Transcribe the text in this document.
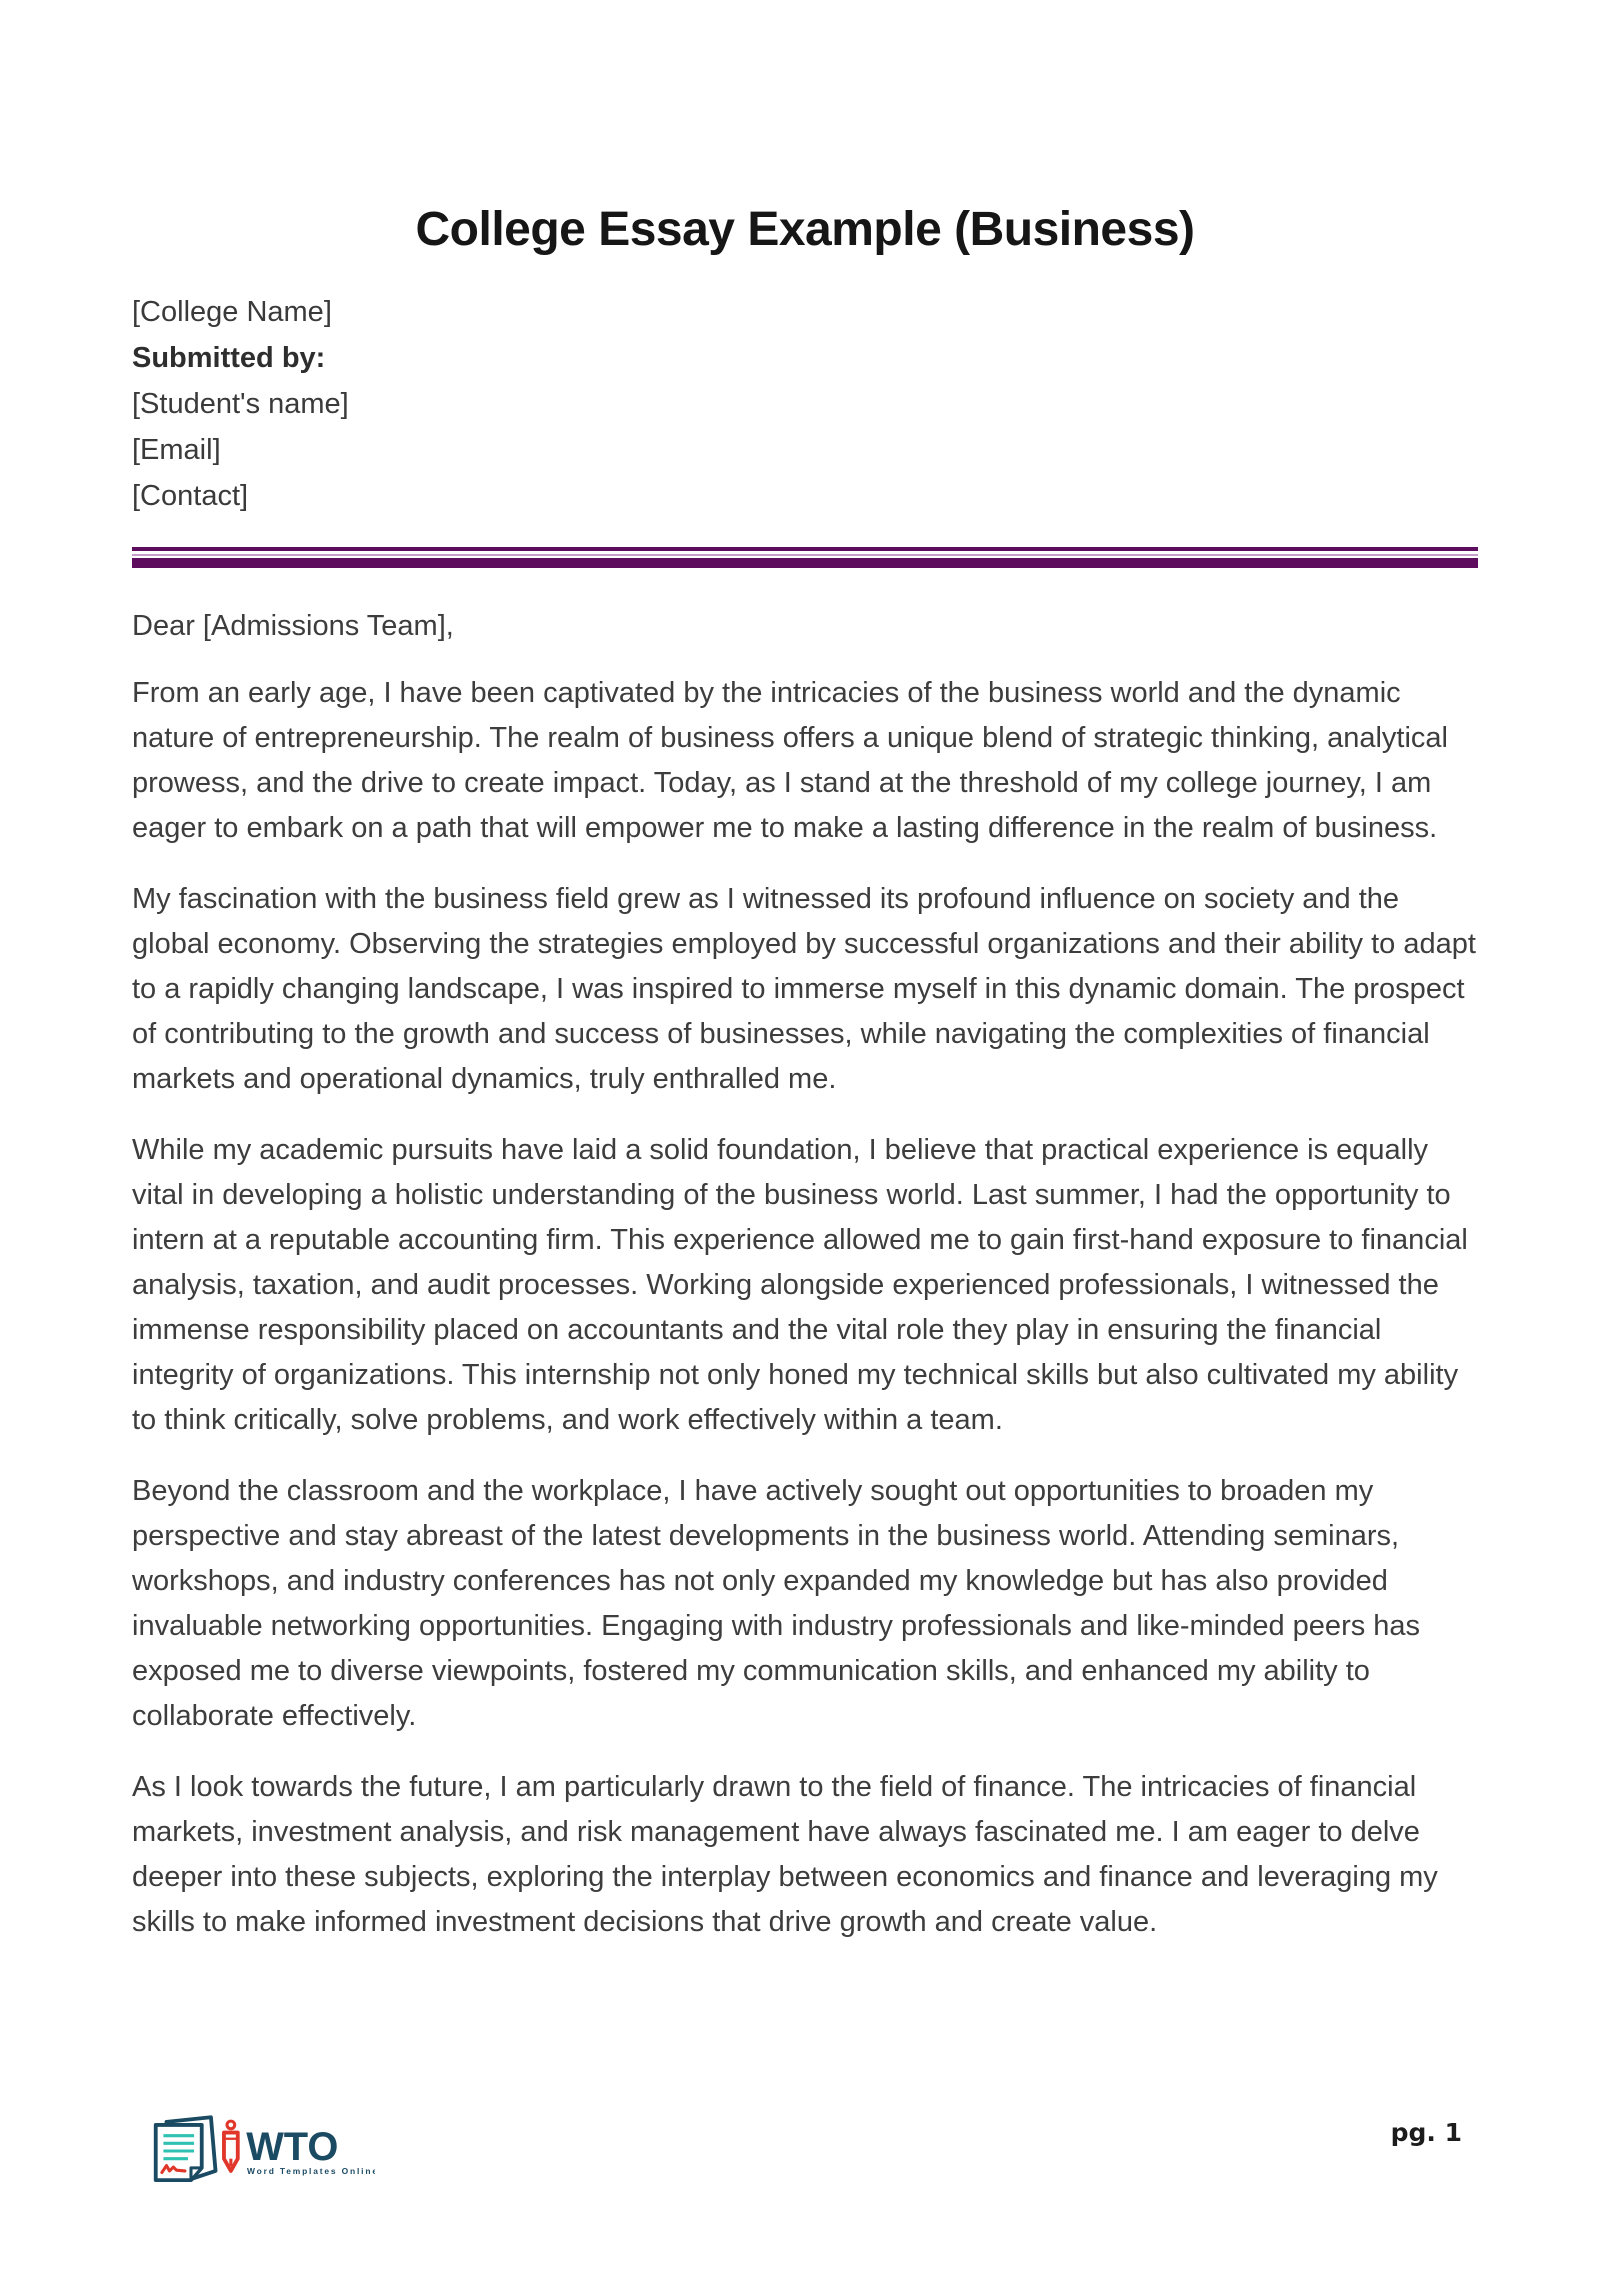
College Essay Example (Business)
[College Name]
Submitted by:
[Student's name]
[Email]
[Contact]

Dear [Admissions Team],

From an early age, I have been captivated by the intricacies of the business world and the dynamic nature of entrepreneurship. The realm of business offers a unique blend of strategic thinking, analytical prowess, and the drive to create impact. Today, as I stand at the threshold of my college journey, I am eager to embark on a path that will empower me to make a lasting difference in the realm of business.

My fascination with the business field grew as I witnessed its profound influence on society and the global economy. Observing the strategies employed by successful organizations and their ability to adapt to a rapidly changing landscape, I was inspired to immerse myself in this dynamic domain. The prospect of contributing to the growth and success of businesses, while navigating the complexities of financial markets and operational dynamics, truly enthralled me.

While my academic pursuits have laid a solid foundation, I believe that practical experience is equally vital in developing a holistic understanding of the business world. Last summer, I had the opportunity to intern at a reputable accounting firm. This experience allowed me to gain first-hand exposure to financial analysis, taxation, and audit processes. Working alongside experienced professionals, I witnessed the immense responsibility placed on accountants and the vital role they play in ensuring the financial integrity of organizations. This internship not only honed my technical skills but also cultivated my ability to think critically, solve problems, and work effectively within a team.

Beyond the classroom and the workplace, I have actively sought out opportunities to broaden my perspective and stay abreast of the latest developments in the business world. Attending seminars, workshops, and industry conferences has not only expanded my knowledge but has also provided invaluable networking opportunities. Engaging with industry professionals and like-minded peers has exposed me to diverse viewpoints, fostered my communication skills, and enhanced my ability to collaborate effectively.

As I look towards the future, I am particularly drawn to the field of finance. The intricacies of financial markets, investment analysis, and risk management have always fascinated me. I am eager to delve deeper into these subjects, exploring the interplay between economics and finance and leveraging my skills to make informed investment decisions that drive growth and create value.

WTO
Word Templates Online
pg. 1
